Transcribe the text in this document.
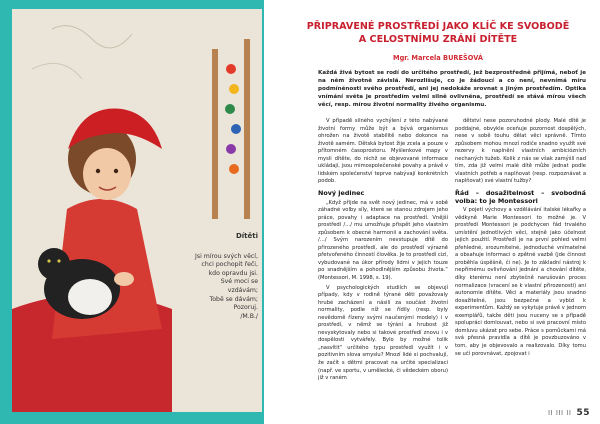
PŘIPRAVENÉ PROSTŘEDÍ JAKO KLÍČ KE SVOBODĚ
A CELOSTNÍMU ZRÁNÍ DÍTĚTE

Mgr. Marcela BUREŠOVÁ

Každá živá bytost se rodí do určitého prostředí, jež bezprostředně přijímá, neboť je na něm životně závislá. Nerozlišuje, co je žádoucí a co není, nevnímá míru podmíněnosti svého prostředí, ani jej nedokáže srovnat s jiným prostředím. Optika vnímání světa je prostředím velmi silně ovlivněna, prostředí se stává mírou všech věcí, resp. mírou životní normality živého organismu.

V případě silného vychýlení z této nabývané životní formy může být a bývá organismus ohrožen na životě stabilitě nebo dokonce na životě samém. Dětská bytost žije zcela a pouze v přítomném časoprostoru. Myšlenkové mapy v mysli dítěte, do nichž se objevované informace ukládají, jsou mimospolečenské povahy a právě v lidském společenství teprve nabývají konkrétních podob.

Nový jedinec

„Když přijde na svět nový jedinec, má v sobě záhadné volby síly, které se stanou zdrojem jeho práce, povahy i adaptace na prostředí. Vnější prostředí /…/ mu umožňuje přispět jeho vlastním způsobem k obecné harmonii a zachování světa. /…/ Svým narozením nevstupuje dítě do přirozeného prostředí, ale do prostředí výrazně přetvořeného činností člověka. Je to prostředí cizí, vybudované na úkor přírody lidmi v jejich touze po snadnějším a pohodlnějším způsobu života.“ (Montessori, M. 1998, s. 19).

V psychologických studiích se objevují případy, kdy v rodině týrané děti považovaly hrubé zacházení a násilí za součást životní normality, podle níž se řídily (resp. byly nevědomě řízeny svými naučenými modely) i v prostředí, v němž se týrání a hrubost již nevyskytovaly nebo si takové prostředí znovu i v dospělosti vytvářely. Bylo by možné tolik „nasvítit“ určitého typu prostředí využít i v pozitivním slova smyslu? Mnozí lidé si pochvalují, že začít s dětmi pracovat na určité specializaci (např. ve sportu, v umělecké, či vědeckém oboru) již v raném

dětství nese pozoruhodné plody. Malé dítě je poddajné, obvykle oceňuje pozornost dospělých, nese v sobě touhu dělat věci správně. Tímto způsobem mohou mnozí rodiče snadno využít své rezervy k naplnění vlastních ambiciózních nechaných tužeb. Kolik z nás se však zamýšlí nad tím, zda již velmi malé dítě může jednat podle vlastních potřeb a naplňovat (resp. rozpoznávat a naplňovat) své vlastní tužby?

Řád – dosažitelnost – svobodná volba: to je Montessori

V pojetí výchovy a vzdělávání italské lékařky a vědkyně Marie Montessori to možné je. V prostředí Montessori je podchycen řád trvalého umístění jednotlivých věcí, stejně jako účelnost jejich použití. Prostředí je na první pohled velmi přehledné, srozumitelné, jednoduché vnímatelné a obsahuje informaci o zpětné vazbě (jde činnost proběhla úspěšně, či ne). Je to základní nástroj k nepřímému ovlivňování jednání a chování dítěte, díky kterému není zbytečně narušován proces normalizace (vracení se k vlastní přirozenosti) ani autonomie dítěte. Věci a materiály jsou snadno dosažitelné, jsou bezpečné a vybízí k experimentům. Každý se vykytuje právě v jednom exemplářů, takže děti jsou nuceny se s případě spolupráci domlouvat, nebo si své pracovní místo domluvu ukázat pro sebe. Práce s pomůckami má svá přesná pravidla a dítě je povzbuzováno v tom, aby je objevovalo a realizovalo. Díky tomu se učí porovnávat, zpojovat i

Dítěti
Jsi mírou svých věcí,
chci pochopit řeči,
kdo opravdu jsi.
Své moci se vzdávám;
Tobě se dávám;
Pozoruj.
/M.B./
II III II 55
